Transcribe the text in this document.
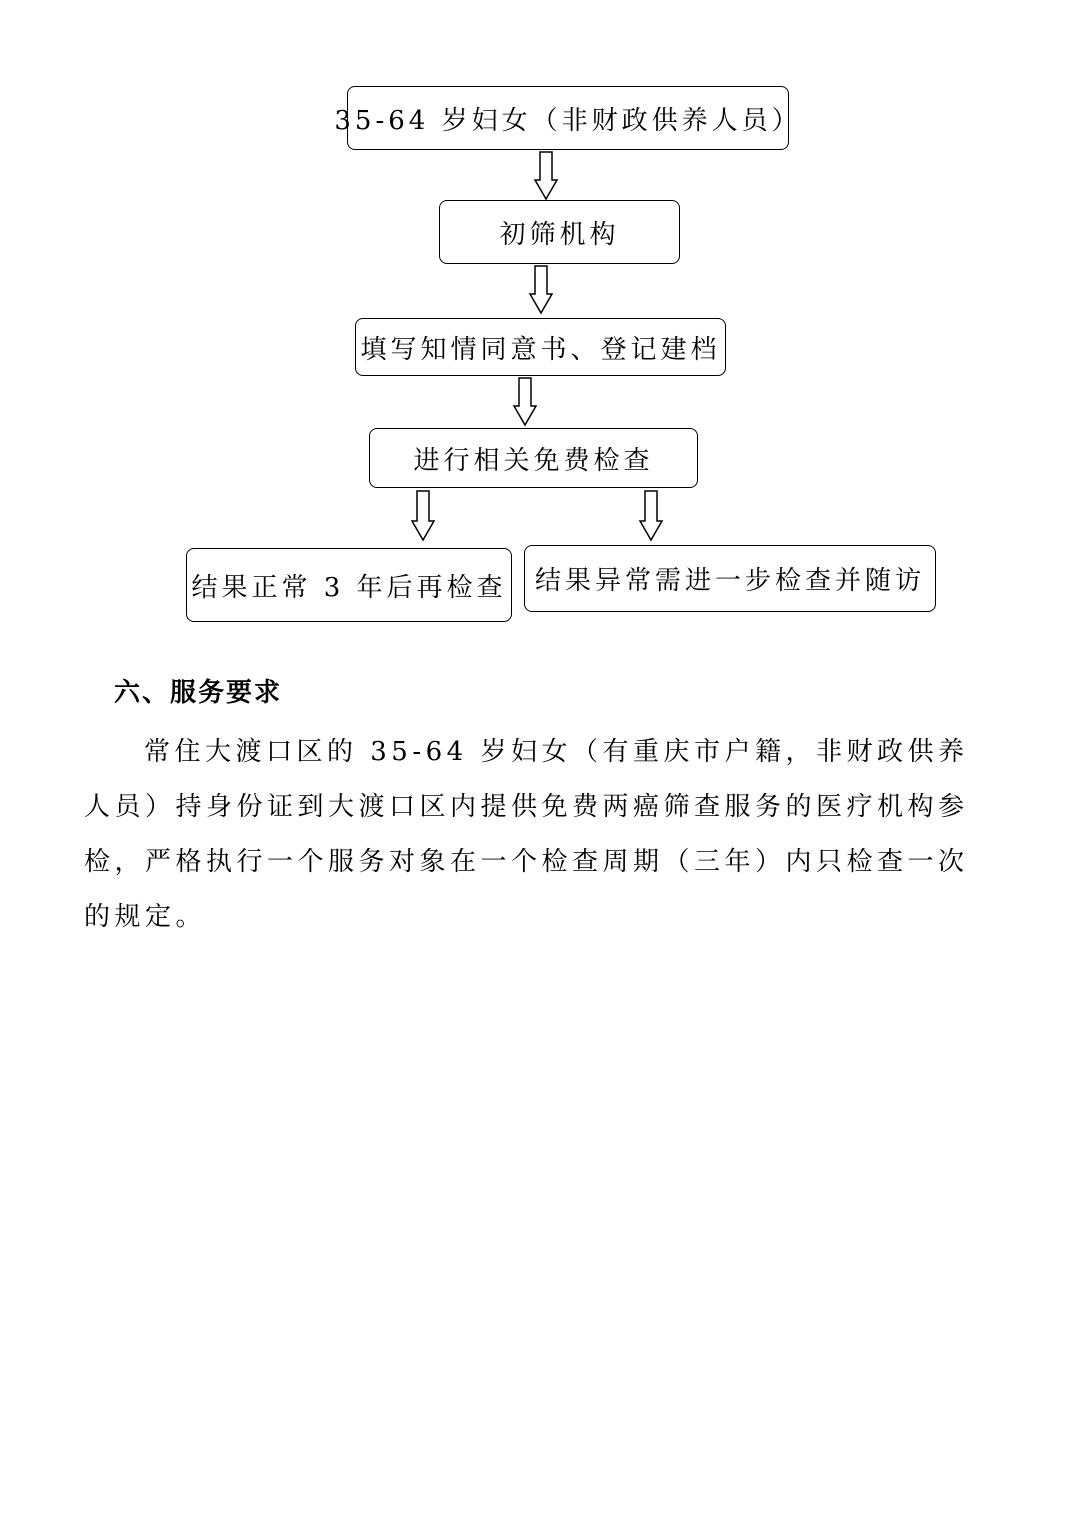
35-64 岁妇女（非财政供养人员）
初筛机构
填写知情同意书、登记建档
进行相关免费检查
结果正常 3 年后再检查 结果异常需进一步检查并随访
六、服务要求

常住大渡口区的 35-64 岁妇女（有重庆市户籍，非财政供养人员）持身份证到大渡口区内提供免费两癌筛查服务的医疗机构参检，严格执行一个服务对象在一个检查周期（三年）内只检查一次的规定。
